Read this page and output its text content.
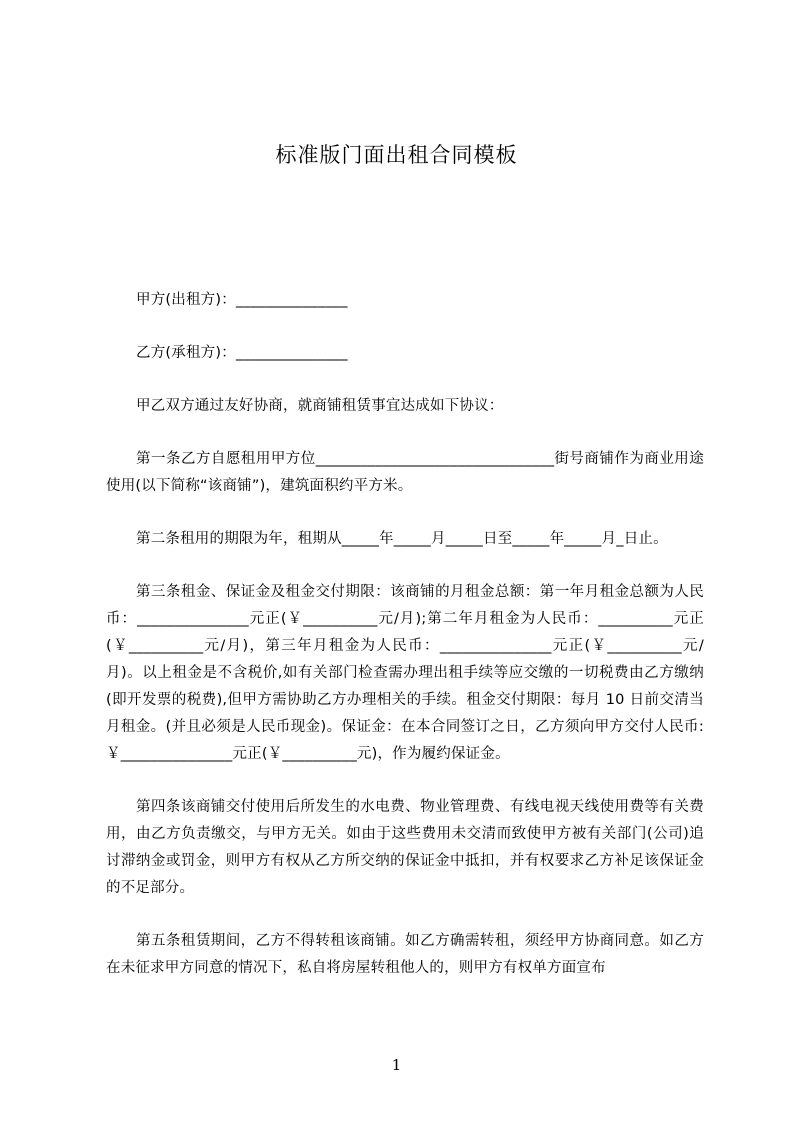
标准版门面出租合同模板

甲方(出租方)：_______________

乙方(承租方)：_______________

甲乙双方通过友好协商，就商铺租赁事宜达成如下协议：

第一条乙方自愿租用甲方位________________________________街号商铺作为商业用途使用(以下简称“该商铺”)，建筑面积约平方米。

第二条租用的期限为年，租期从_____年_____月_____日至_____年_____月_日止。

第三条租金、保证金及租金交付期限：该商铺的月租金总额：第一年月租金总额为人民币：_______________元正(￥__________元/月);第二年月租金为人民币：__________元正(￥__________元/月)，第三年月租金为人民币：_______________元正(￥__________元/月)。以上租金是不含税价,如有关部门检查需办理出租手续等应交缴的一切税费由乙方缴纳(即开发票的税费),但甲方需协助乙方办理相关的手续。租金交付期限：每月 10 日前交清当月租金。(并且必须是人民币现金)。保证金：在本合同签订之日，乙方须向甲方交付人民币:￥_______________元正(￥__________元)，作为履约保证金。

第四条该商铺交付使用后所发生的水电费、物业管理费、有线电视天线使用费等有关费用，由乙方负责缴交，与甲方无关。如由于这些费用未交清而致使甲方被有关部门(公司)追讨滞纳金或罚金，则甲方有权从乙方所交纳的保证金中抵扣，并有权要求乙方补足该保证金的不足部分。

第五条租赁期间，乙方不得转租该商铺。如乙方确需转租，须经甲方协商同意。如乙方在未征求甲方同意的情况下，私自将房屋转租他人的，则甲方有权单方面宣布

1
